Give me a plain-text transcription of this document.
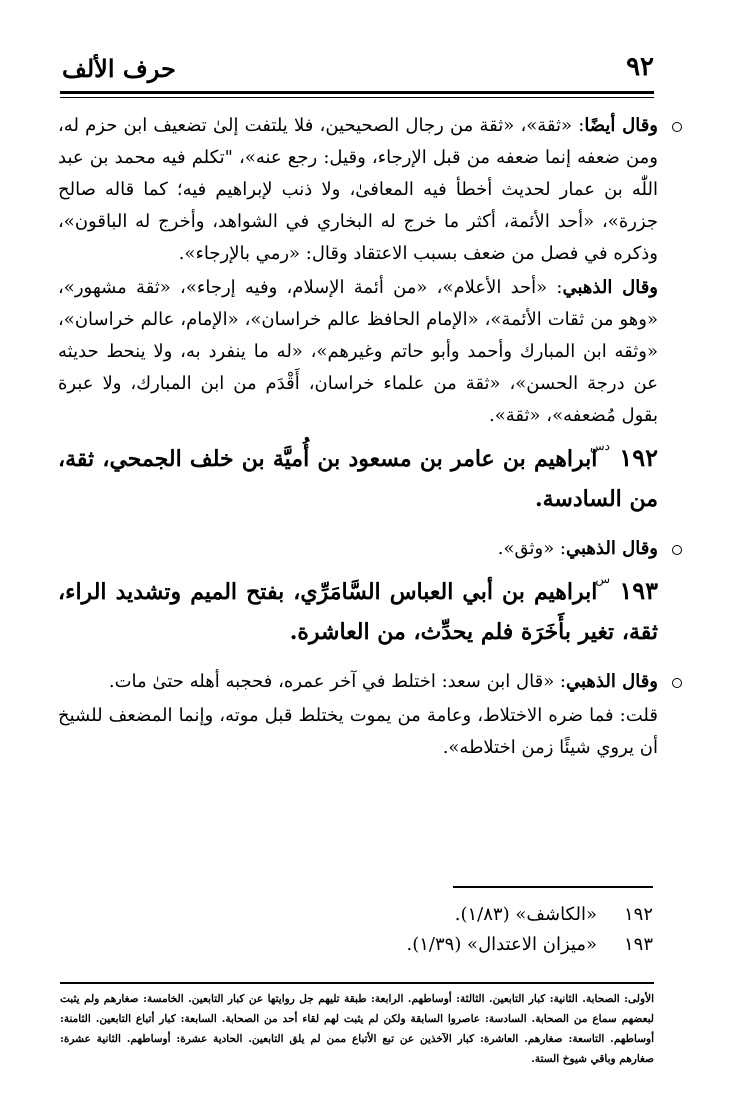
٩٢
حرف الألف

وقال أيضًا: «ثقة»، «ثقة من رجال الصحيحين، فلا يلتفت إلىٰ تضعيف ابن حزم له، ومن ضعفه إنما ضعفه من قبل الإرجاء، وقيل: رجع عنه»، "تكلم فيه محمد بن عبد اللّٰه بن عمار لحديث أخطأ فيه المعافىٰ، ولا ذنب لإبراهيم فيه؛ كما قاله صالح جزرة»، «أحد الأئمة، أكثر ما خرج له البخاري في الشواهد، وأخرج له الباقون»، وذكره في فصل من ضعف بسبب الاعتقاد وقال: «رمي بالإرجاء».

وقال الذهبي: «أحد الأعلام»، «من أئمة الإسلام، وفيه إرجاء»، «ثقة مشهور»، «وهو من ثقات الأئمة»، «الإمام الحافظ عالم خراسان»، «الإمام، عالم خراسان»، «وثقه ابن المبارك وأحمد وأبو حاتم وغيرهم»، «له ما ينفرد به، ولا ينحط حديثه عن درجة الحسن»، «ثقة من علماء خراسان، أَقْدَم من ابن المبارك، ولا عبرة بقول مُضعفه»، «ثقة».

دس ١٩٢ابراهيم بن عامر بن مسعود بن أُميَّة بن خلف الجمحي، ثقة، من السادسة.

وقال الذهبي: «وثق».

س ١٩٣ابراهيم بن أبي العباس السَّامَرِّي، بفتح الميم وتشديد الراء، ثقة، تغير بأَخَرَة فلم يحدِّث، من العاشرة.

وقال الذهبي: «قال ابن سعد: اختلط في آخر عمره، فحجبه أهله حتىٰ مات.

قلت: فما ضره الاختلاط، وعامة من يموت يختلط قبل موته، وإنما المضعف للشيخ أن يروي شيئًا زمن اختلاطه».

١٩٢«الكاشف» (١/٨٣).
١٩٣«ميزان الاعتدال» (١/٣٩).
الأولى: الصحابة. الثانية: كبار التابعين. الثالثة: أوساطهم. الرابعة: طبقة تليهم جل روايتها عن كبار التابعين. الخامسة: صغارهم ولم يثبت لبعضهم سماع من الصحابة. السادسة: عاصروا السابقة ولكن لم يثبت لهم لقاء أحد من الصحابة. السابعة: كبار أتباع التابعين. الثامنة: أوساطهم. التاسعة: صغارهم. العاشرة: كبار الآخذين عن تبع الأتباع ممن لم يلق التابعين. الحادية عشرة: أوساطهم. الثانية عشرة: صغارهم وباقي شيوخ الستة.
